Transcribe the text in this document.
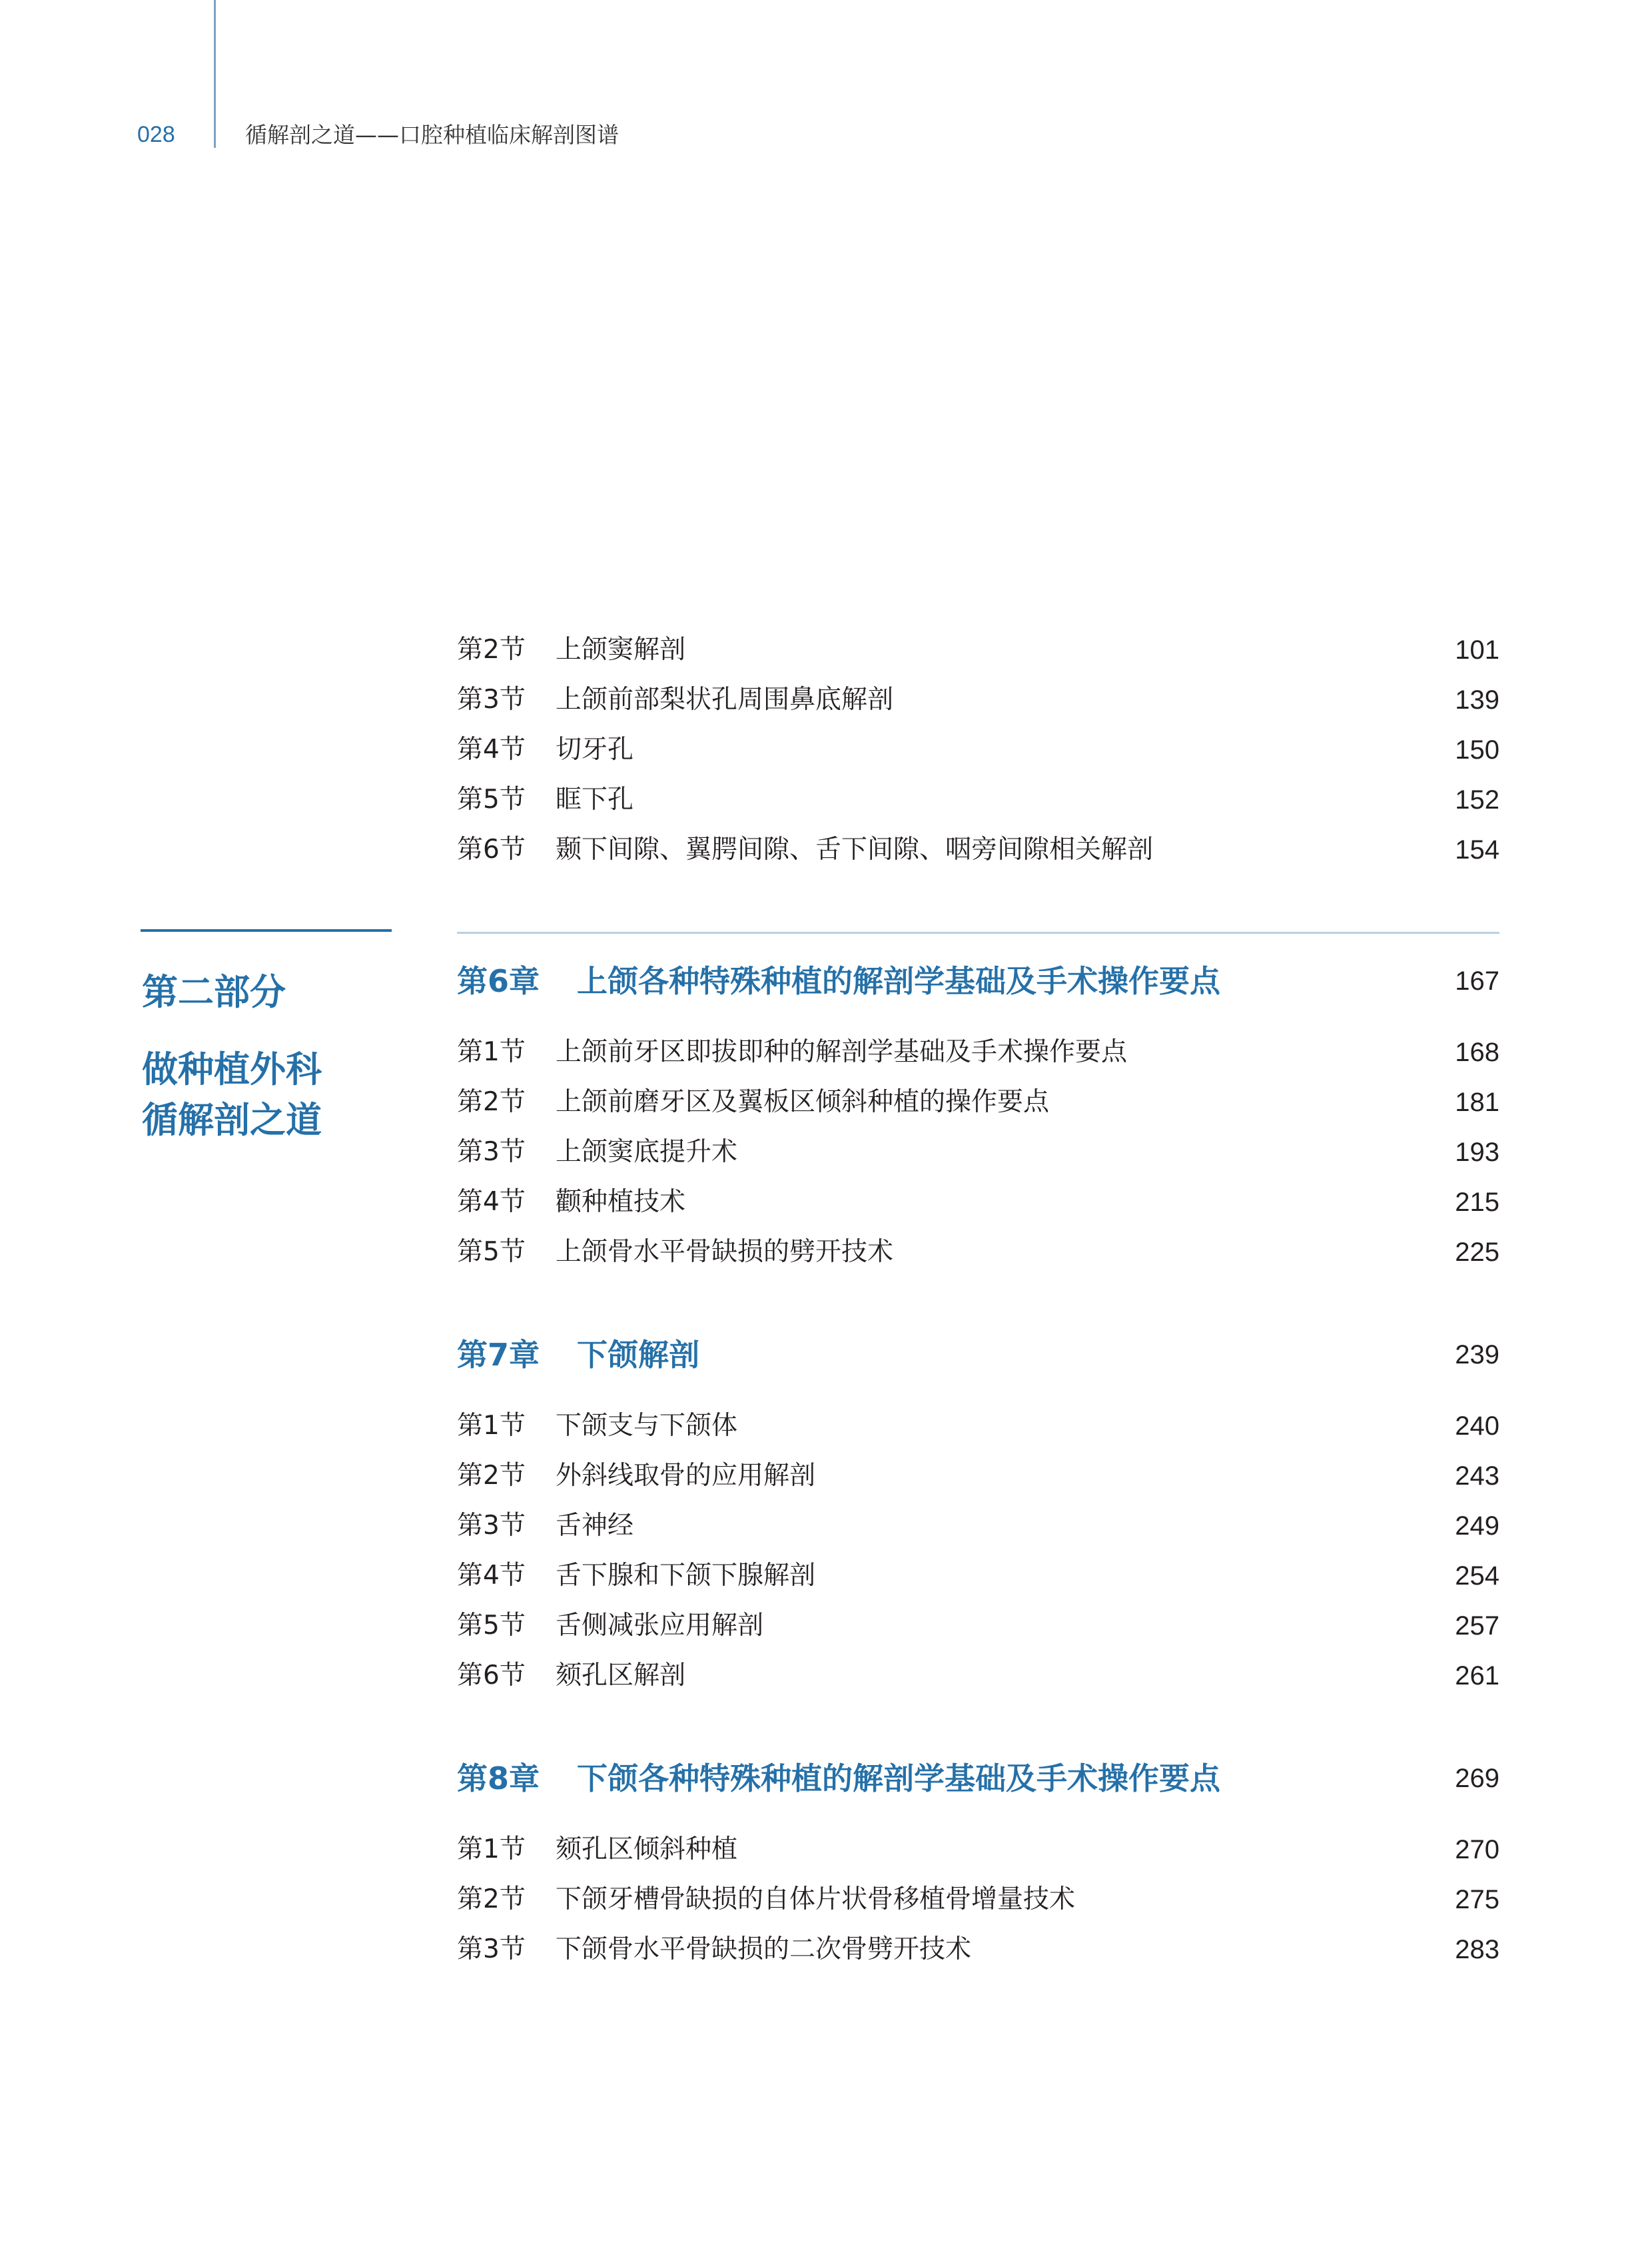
028	循解剖之道——口腔种植临床解剖图谱
第二部分
做种植外科
循解剖之道
第2节 上颌窦解剖	101
第3节 上颌前部梨状孔周围鼻底解剖	139
第4节 切牙孔	150
第5节 眶下孔	152
第6节 颞下间隙、翼腭间隙、舌下间隙、咽旁间隙相关解剖	154
第6章 上颌各种特殊种植的解剖学基础及手术操作要点	167
第1节 上颌前牙区即拔即种的解剖学基础及手术操作要点	168
第2节 上颌前磨牙区及翼板区倾斜种植的操作要点	181
第3节 上颌窦底提升术	193
第4节 颧种植技术	215
第5节 上颌骨水平骨缺损的劈开技术	225
第7章 下颌解剖	239
第1节 下颌支与下颌体	240
第2节 外斜线取骨的应用解剖	243
第3节 舌神经	249
第4节 舌下腺和下颌下腺解剖	254
第5节 舌侧减张应用解剖	257
第6节 颏孔区解剖	261
第8章 下颌各种特殊种植的解剖学基础及手术操作要点	269
第1节 颏孔区倾斜种植	270
第2节 下颌牙槽骨缺损的自体片状骨移植骨增量技术	275
第3节 下颌骨水平骨缺损的二次骨劈开技术	283
